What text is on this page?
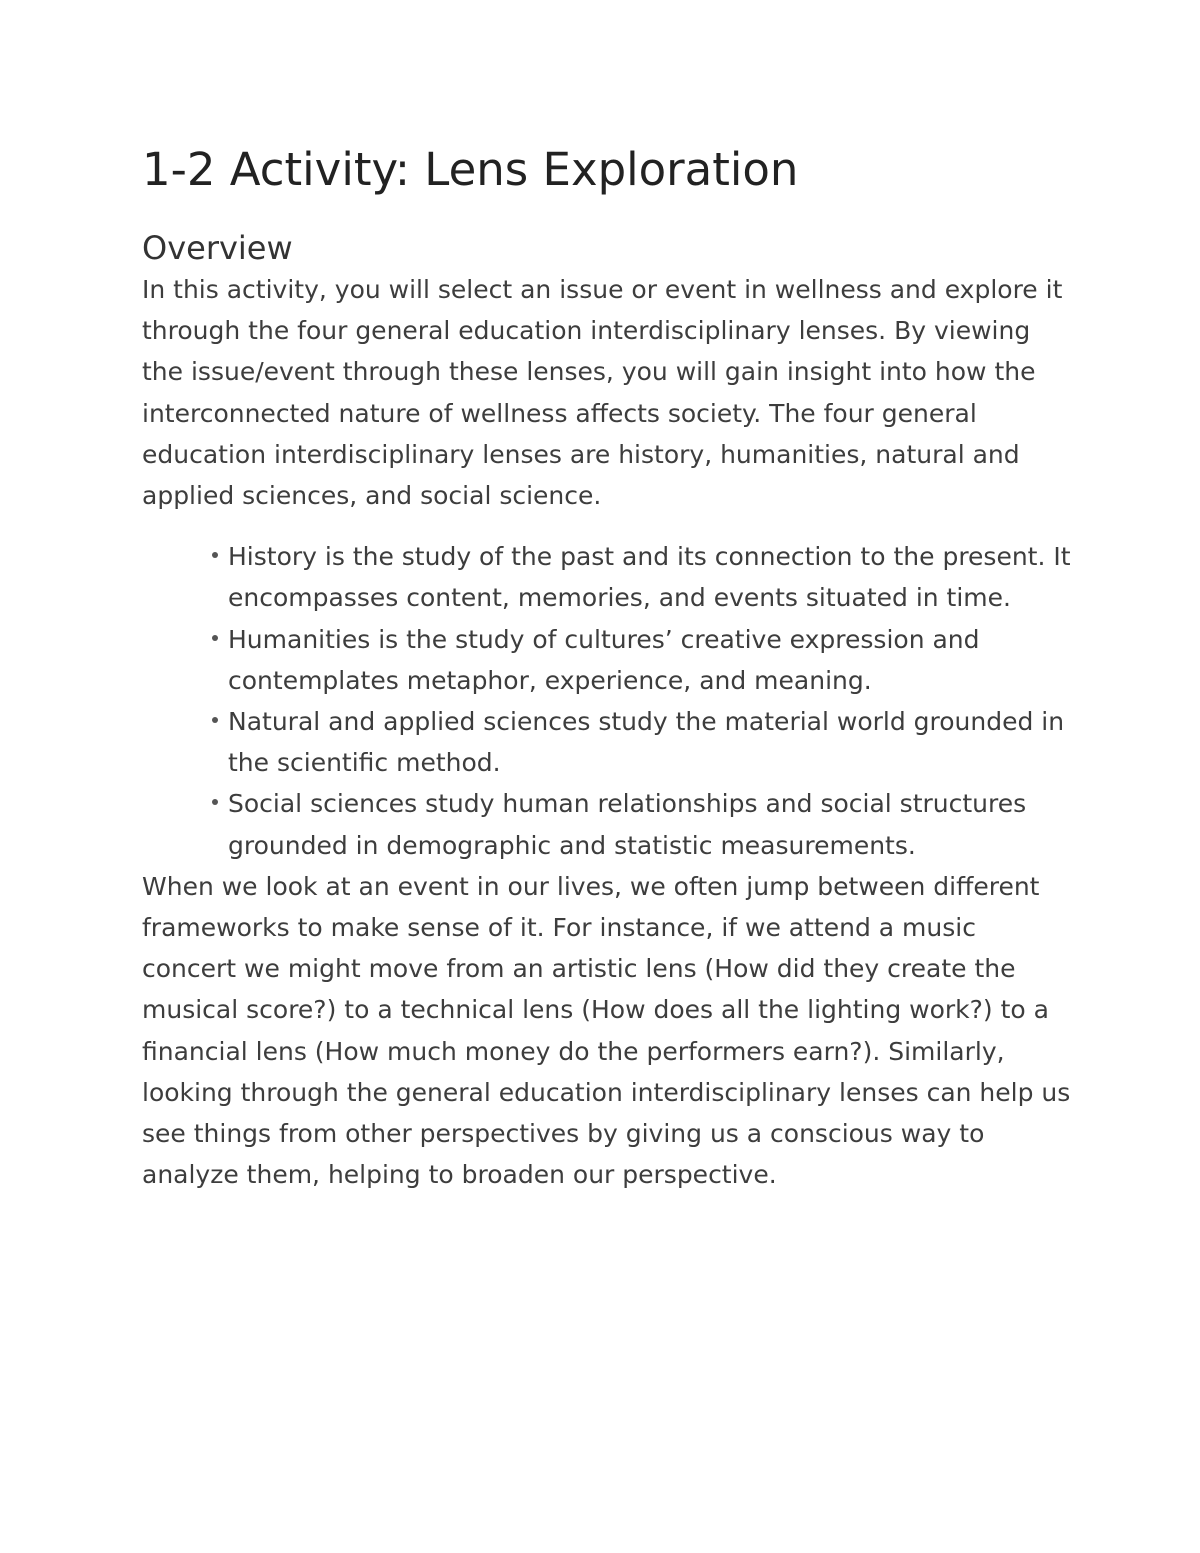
1-2 Activity: Lens Exploration
Overview

In this activity, you will select an issue or event in wellness and explore it through the four general education interdisciplinary lenses. By viewing the issue/event through these lenses, you will gain insight into how the interconnected nature of wellness affects society. The four general education interdisciplinary lenses are history, humanities, natural and applied sciences, and social science.

History is the study of the past and its connection to the present. It encompasses content, memories, and events situated in time.
Humanities is the study of cultures’ creative expression and contemplates metaphor, experience, and meaning.
Natural and applied sciences study the material world grounded in the scientific method.
Social sciences study human relationships and social structures grounded in demographic and statistic measurements.

When we look at an event in our lives, we often jump between different frameworks to make sense of it. For instance, if we attend a music concert we might move from an artistic lens (How did they create the musical score?) to a technical lens (How does all the lighting work?) to a financial lens (How much money do the performers earn?). Similarly, looking through the general education interdisciplinary lenses can help us see things from other perspectives by giving us a conscious way to analyze them, helping to broaden our perspective.
